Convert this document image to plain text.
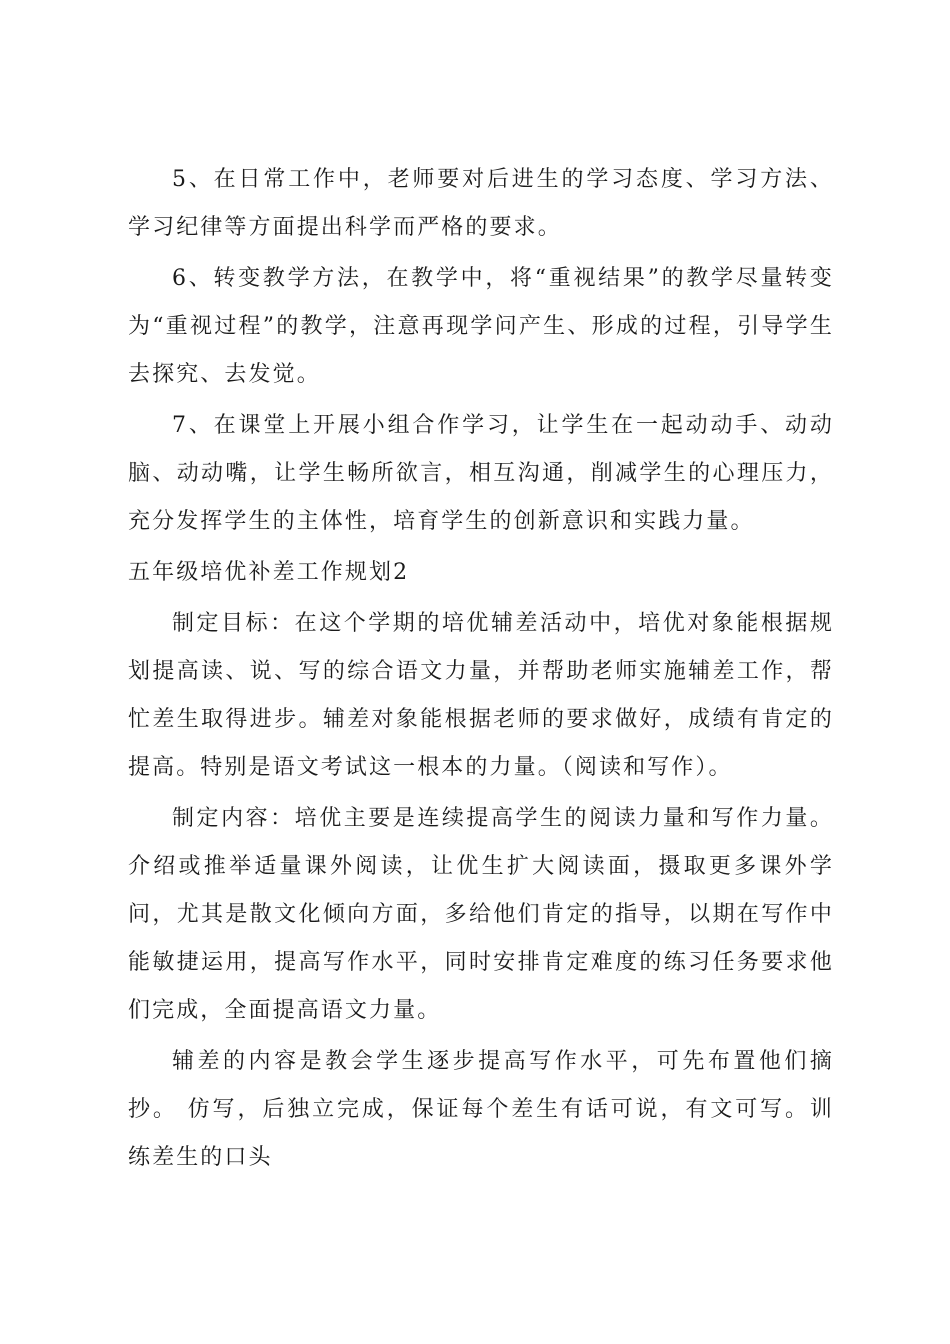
5、在日常工作中，老师要对后进生的学习态度、学习方法、学习纪律等方面提出科学而严格的要求。

6、转变教学方法，在教学中，将“重视结果”的教学尽量转变为“重视过程”的教学，注意再现学问产生、形成的过程，引导学生去探究、去发觉。

7、在课堂上开展小组合作学习，让学生在一起动动手、动动脑、动动嘴，让学生畅所欲言，相互沟通，削减学生的心理压力，充分发挥学生的主体性，培育学生的创新意识和实践力量。

五年级培优补差工作规划2

制定目标：在这个学期的培优辅差活动中，培优对象能根据规划提高读、说、写的综合语文力量，并帮助老师实施辅差工作，帮忙差生取得进步。辅差对象能根据老师的要求做好，成绩有肯定的提高。特别是语文考试这一根本的力量。（阅读和写作）。

制定内容：培优主要是连续提高学生的阅读力量和写作力量。介绍或推举适量课外阅读，让优生扩大阅读面，摄取更多课外学问，尤其是散文化倾向方面，多给他们肯定的指导，以期在写作中能敏捷运用，提高写作水平，同时安排肯定难度的练习任务要求他们完成，全面提高语文力量。

辅差的内容是教会学生逐步提高写作水平，可先布置他们摘抄。 仿写，后独立完成，保证每个差生有话可说，有文可写。训练差生的口头
